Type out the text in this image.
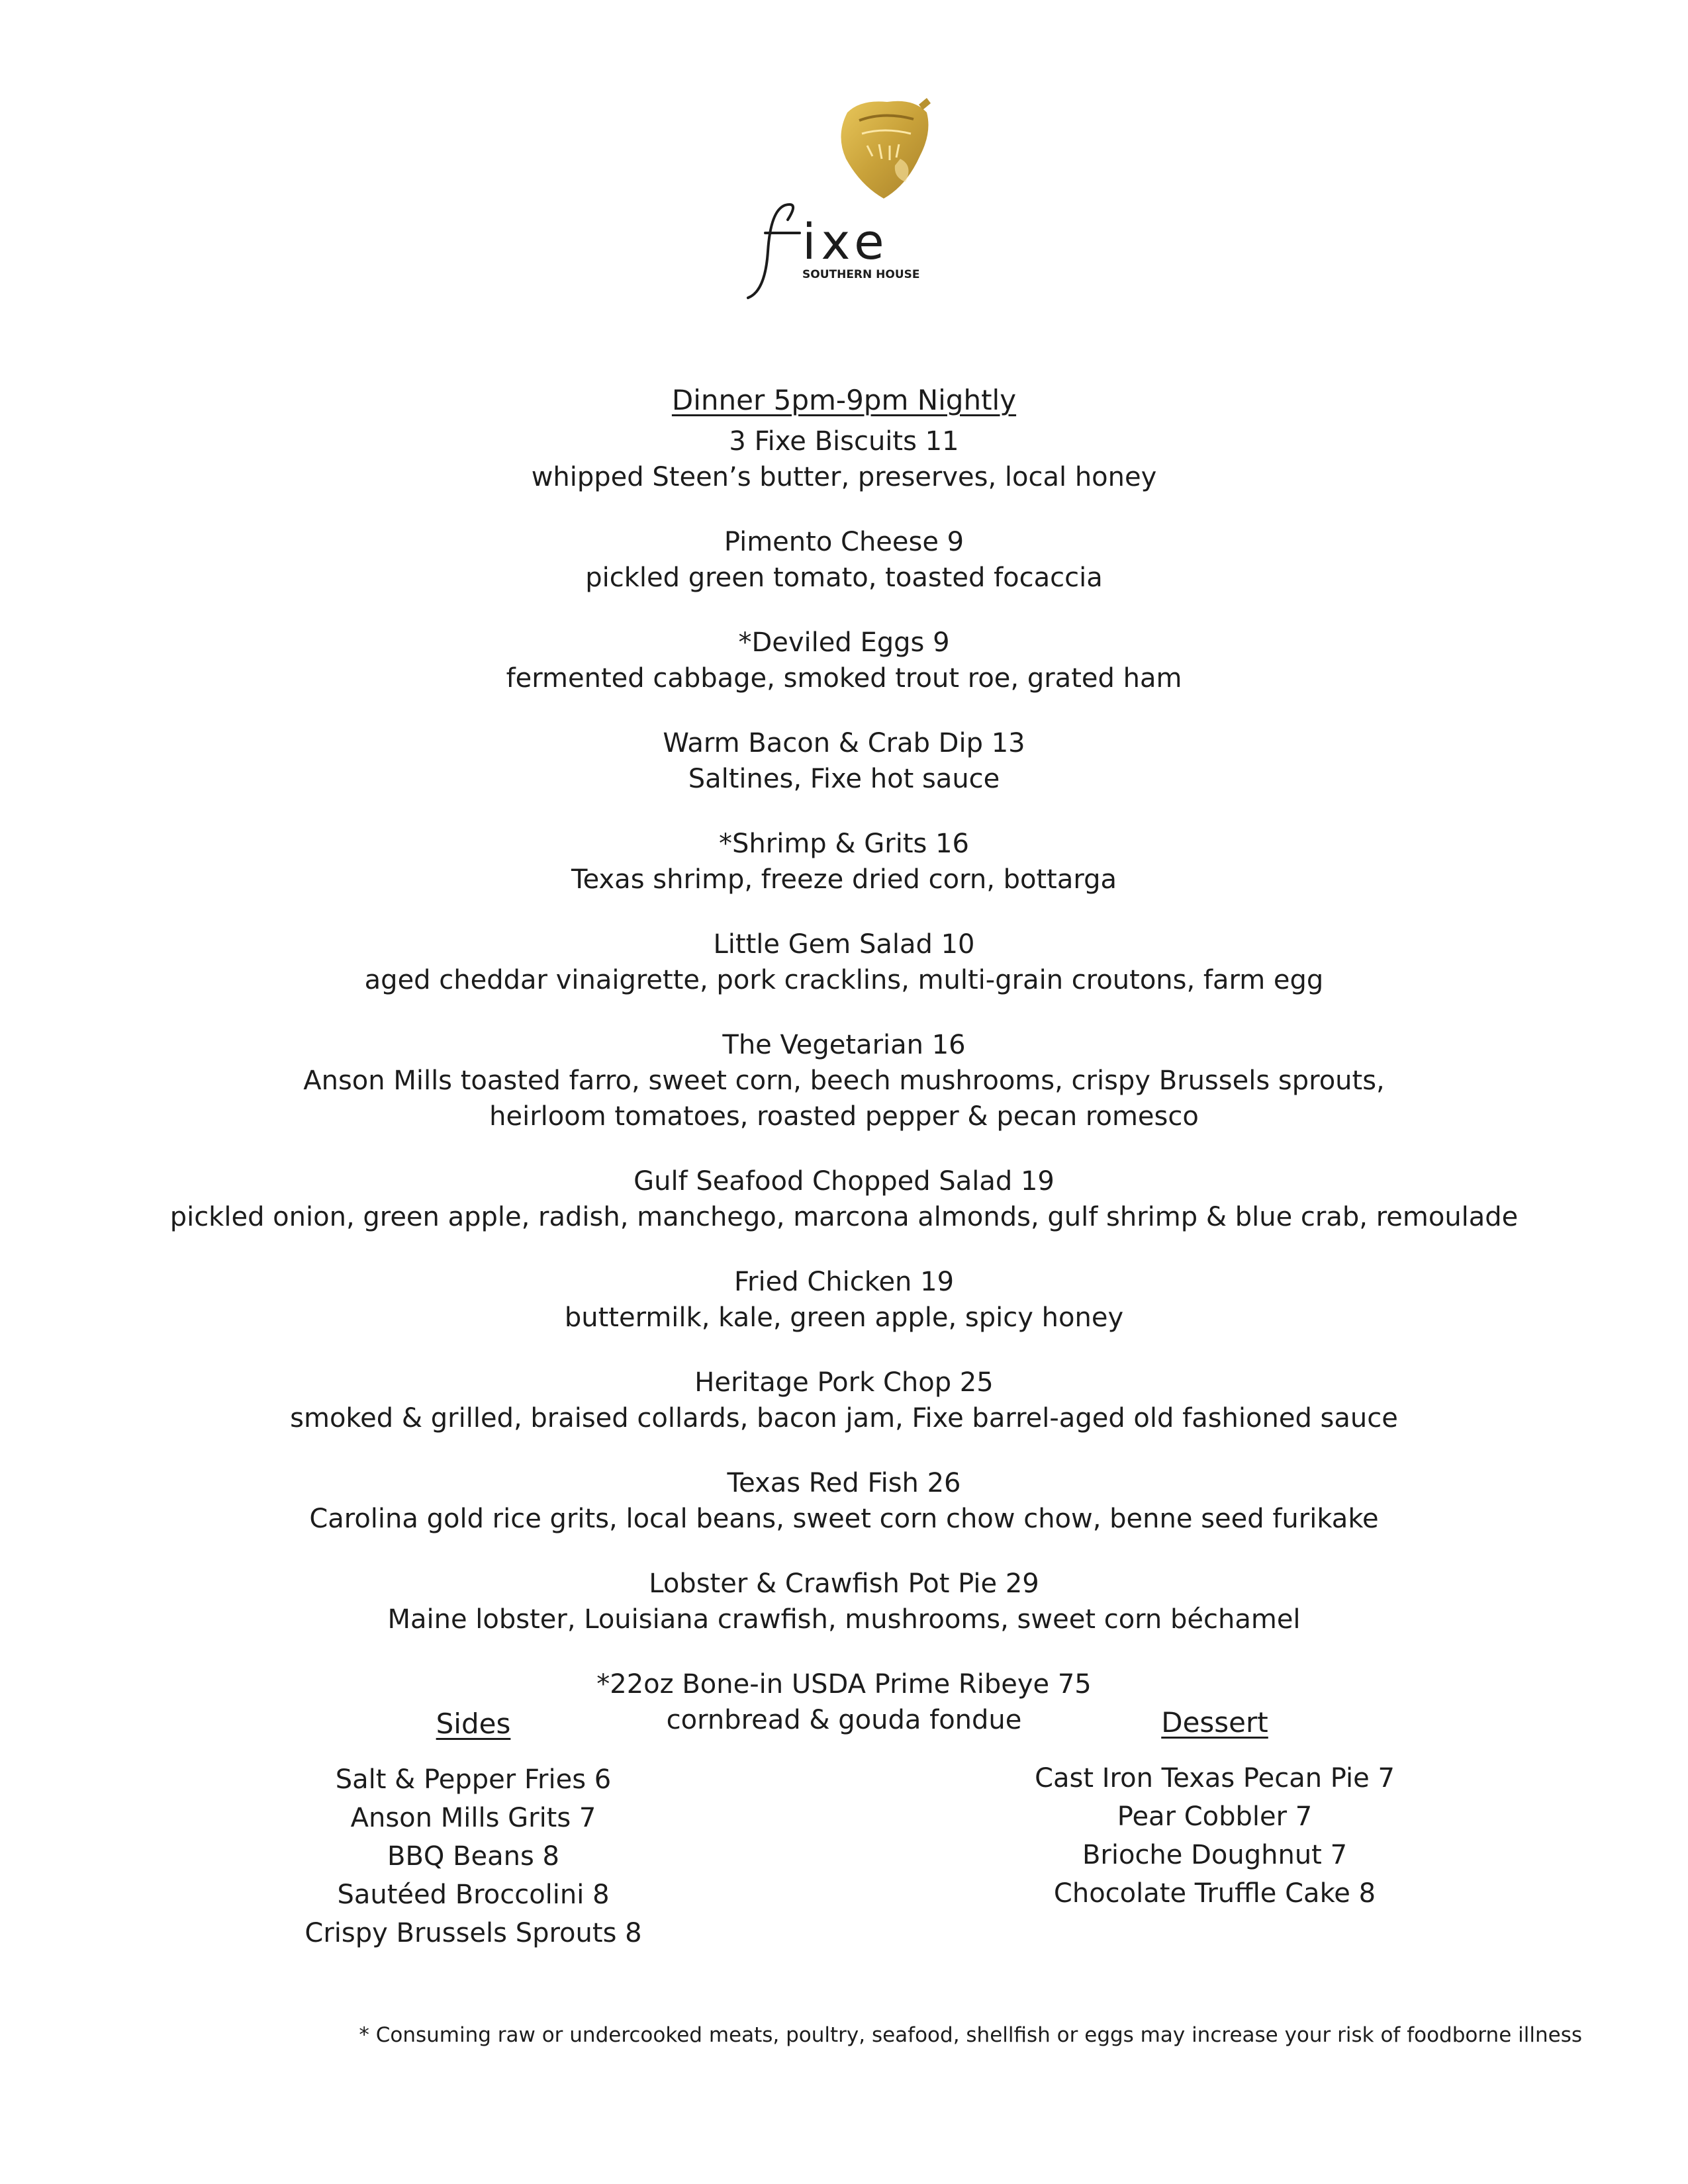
ixe
SOUTHERN HOUSE
Dinner 5pm-9pm Nightly
3 Fixe Biscuits 11
whipped Steen’s butter, preserves, local honey
Pimento Cheese 9
pickled green tomato, toasted focaccia
*Deviled Eggs 9
fermented cabbage, smoked trout roe, grated ham
Warm Bacon & Crab Dip 13
Saltines, Fixe hot sauce
*Shrimp & Grits 16
Texas shrimp, freeze dried corn, bottarga
Little Gem Salad 10
aged cheddar vinaigrette, pork cracklins, multi-grain croutons, farm egg
The Vegetarian 16
Anson Mills toasted farro, sweet corn, beech mushrooms, crispy Brussels sprouts,
heirloom tomatoes, roasted pepper & pecan romesco
Gulf Seafood Chopped Salad 19
pickled onion, green apple, radish, manchego, marcona almonds, gulf shrimp & blue crab, remoulade
Fried Chicken 19
buttermilk, kale, green apple, spicy honey
Heritage Pork Chop 25
smoked & grilled, braised collards, bacon jam, Fixe barrel-aged old fashioned sauce
Texas Red Fish 26
Carolina gold rice grits, local beans, sweet corn chow chow, benne seed furikake
Lobster & Crawfish Pot Pie 29
Maine lobster, Louisiana crawfish, mushrooms, sweet corn béchamel
*22oz Bone-in USDA Prime Ribeye 75
cornbread & gouda fondue
Sides
Salt & Pepper Fries 6
Anson Mills Grits 7
BBQ Beans 8
Sautéed Broccolini 8
Crispy Brussels Sprouts 8
Dessert
Cast Iron Texas Pecan Pie 7
Pear Cobbler 7
Brioche Doughnut 7
Chocolate Truffle Cake 8
* Consuming raw or undercooked meats, poultry, seafood, shellfish or eggs may increase your risk of foodborne illness
